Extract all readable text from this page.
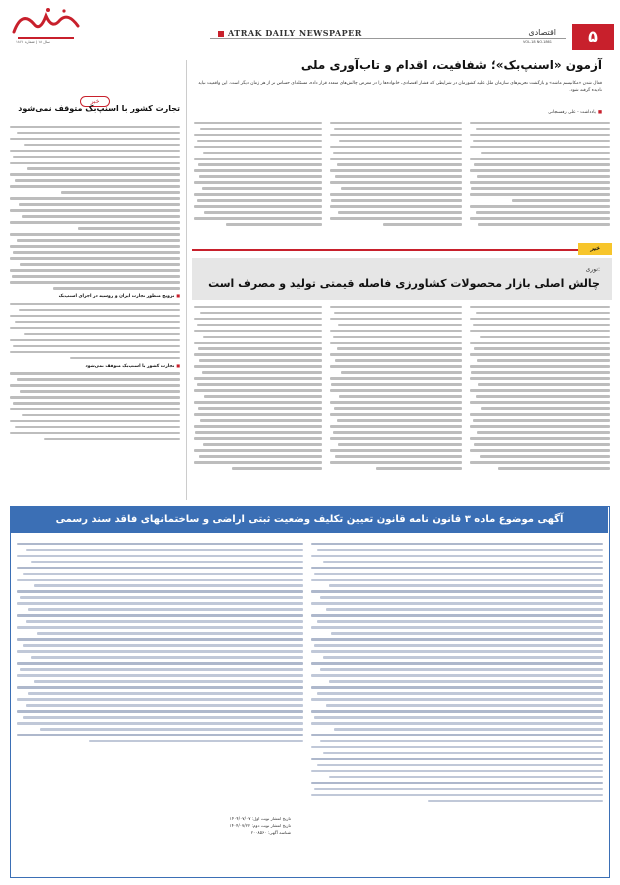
سال ۱۸ | شماره ۱۸۶۱
ATRAK DAILY NEWSPAPER	اقتصادی
VOL.18 NO.1861	۵
خبر
تجارت کشور با اسنپ‌بک متوقف نمی‌شود
■ ترویج منظور تجارت ایران و روسیه در اجرای اسنپ‌بک
■ تجارت کشور با اسنپ‌بک متوقف نمی‌شود
آزمون «اسنپ‌بک»؛ شفافیت، اقدام و تاب‌آوری ملی
فعال شدن «مکانیسم ماشه» و بازگشت تحریم‌های سازمان ملل علیه کشورمان در شرایطی که فشار اقتصادی، خانواده‌ها را در معرض چالش‌های متعدد قرار داده، مسئله‌ای حساس تر از هر زمان دیگر است. این واقعیت نباید نادیده گرفته شود.
■ یادداشت - علی رفسنجانی
خبر
نوری:
چالش اصلی بازار محصولات کشاورزی فاصله قیمتی تولید و مصرف است
آگهی موضوع ماده ۳ قانون نامه قانون تعیین تکلیف وضعیت ثبتی اراضی و ساختمانهای فاقد سند رسمی
تاریخ انتشار نوبت اول: ۱۴۰۴/۰۷/۰۷
تاریخ انتشار نوبت دوم: ۱۴۰۴/۰۷/۲۲
شناسه آگهی: ۲۰۰۸۵۶۰
